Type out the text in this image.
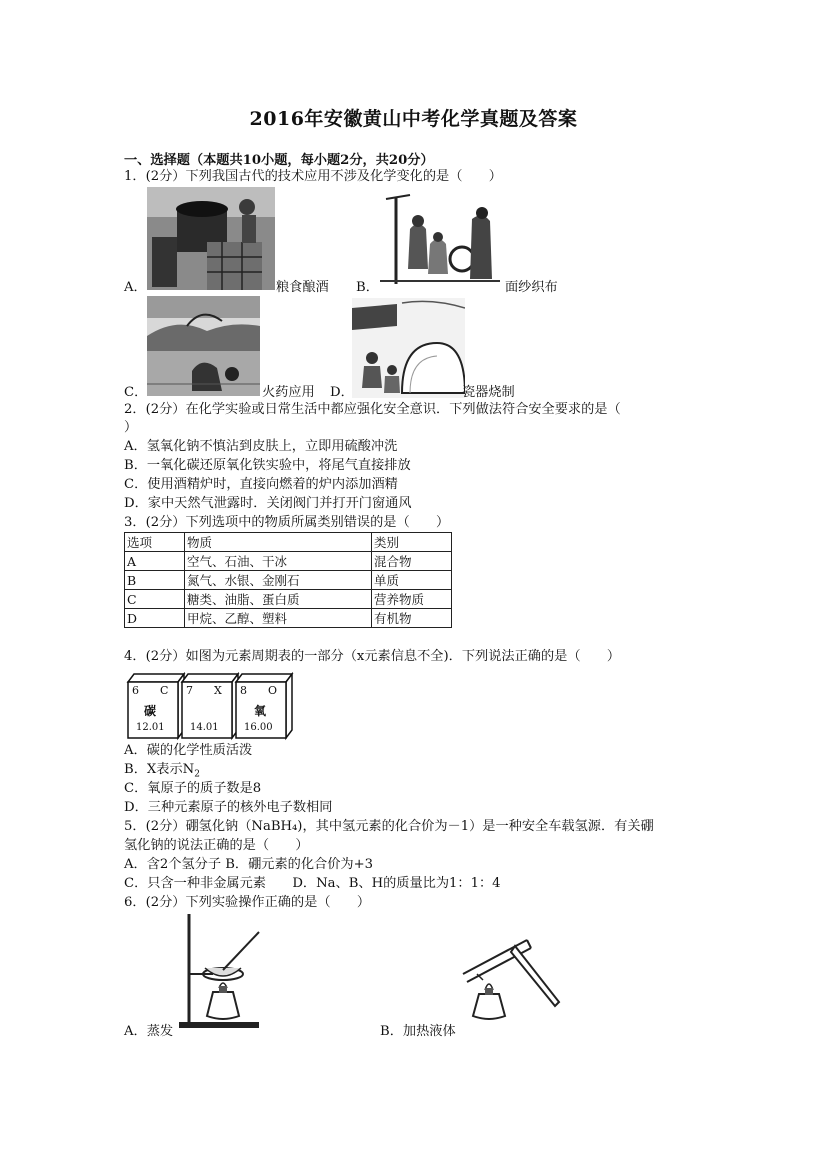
2016年安徽黄山中考化学真题及答案
一、选择题（本题共10小题，每小题2分，共20分）
1．(2分）下列我国古代的技术应用不涉及化学变化的是（　　）
A．	粮食酿酒 B．	面纱织布
C．	火药应用 D．	瓷器烧制
2．(2分）在化学实验或日常生活中都应强化安全意识．下列做法符合安全要求的是（
）
A．氢氧化钠不慎沾到皮肤上，立即用硫酸冲洗
B．一氧化碳还原氧化铁实验中，将尾气直接排放
C．使用酒精炉时，直接向燃着的炉内添加酒精
D．家中天然气泄露时．关闭阀门并打开门窗通风
3．(2分）下列选项中的物质所属类别错误的是（　　）
选项	物质	类别
A	空气、石油、干冰	混合物
B	氮气、水银、金刚石	单质
C	糖类、油脂、蛋白质	营养物质
D	甲烷、乙醇、塑料	有机物
4．(2分）如图为元素周期表的一部分（x元素信息不全)．下列说法正确的是（　　）
6 C
碳
12.01
7 X
14.01
8 O
氧
16.00
A．碳的化学性质活泼
B．X表示$N_2$
C．氧原子的质子数是8
D．三种元素原子的核外电子数相同
5．(2分）硼氢化钠（NaBH₄)，其中氢元素的化合价为－1）是一种安全车载氢源．有关硼
氢化钠的说法正确的是（　　）
A．含2个氢分子 B．硼元素的化合价为+3
C．只含一种非金属元素　　D．Na、B、H的质量比为1：1：4
6．(2分）下列实验操作正确的是（　　）
A．蒸发	B．加热液体
